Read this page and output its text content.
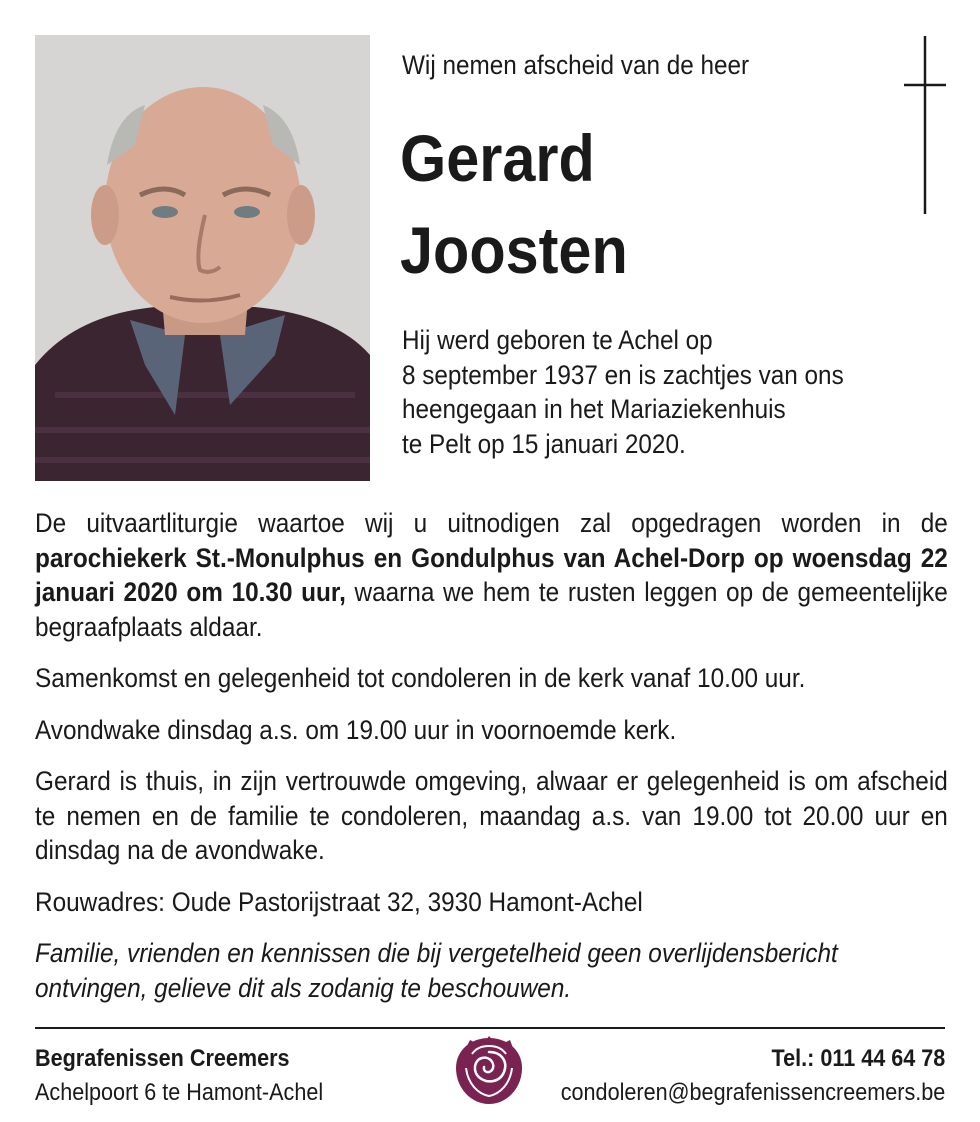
Wij nemen afscheid van de heer
Gerard
Joosten
Hij werd geboren te Achel op
8 september 1937 en is zachtjes van ons
heengegaan in het Mariaziekenhuis
te Pelt op 15 januari 2020.

De uitvaartliturgie waartoe wij u uitnodigen zal opgedragen worden in de parochiekerk St.-Monulphus en Gondulphus van Achel-Dorp op woensdag 22 januari 2020 om 10.30 uur, waarna we hem te rusten leggen op de gemeentelijke begraafplaats aldaar.

Samenkomst en gelegenheid tot condoleren in de kerk vanaf 10.00 uur.

Avondwake dinsdag a.s. om 19.00 uur in voornoemde kerk.

Gerard is thuis, in zijn vertrouwde omgeving, alwaar er gelegenheid is om afscheid te nemen en de familie te condoleren, maandag a.s. van 19.00 tot 20.00 uur en dinsdag na de avondwake.

Rouwadres: Oude Pastorijstraat 32, 3930 Hamont-Achel

Familie, vrienden en kennissen die bij vergetelheid geen overlijdensbericht ontvingen, gelieve dit als zodanig te beschouwen.

Begrafenissen Creemers
Achelpoort 6 te Hamont-Achel
Tel.: 011 44 64 78
condoleren@begrafenissencreemers.be
